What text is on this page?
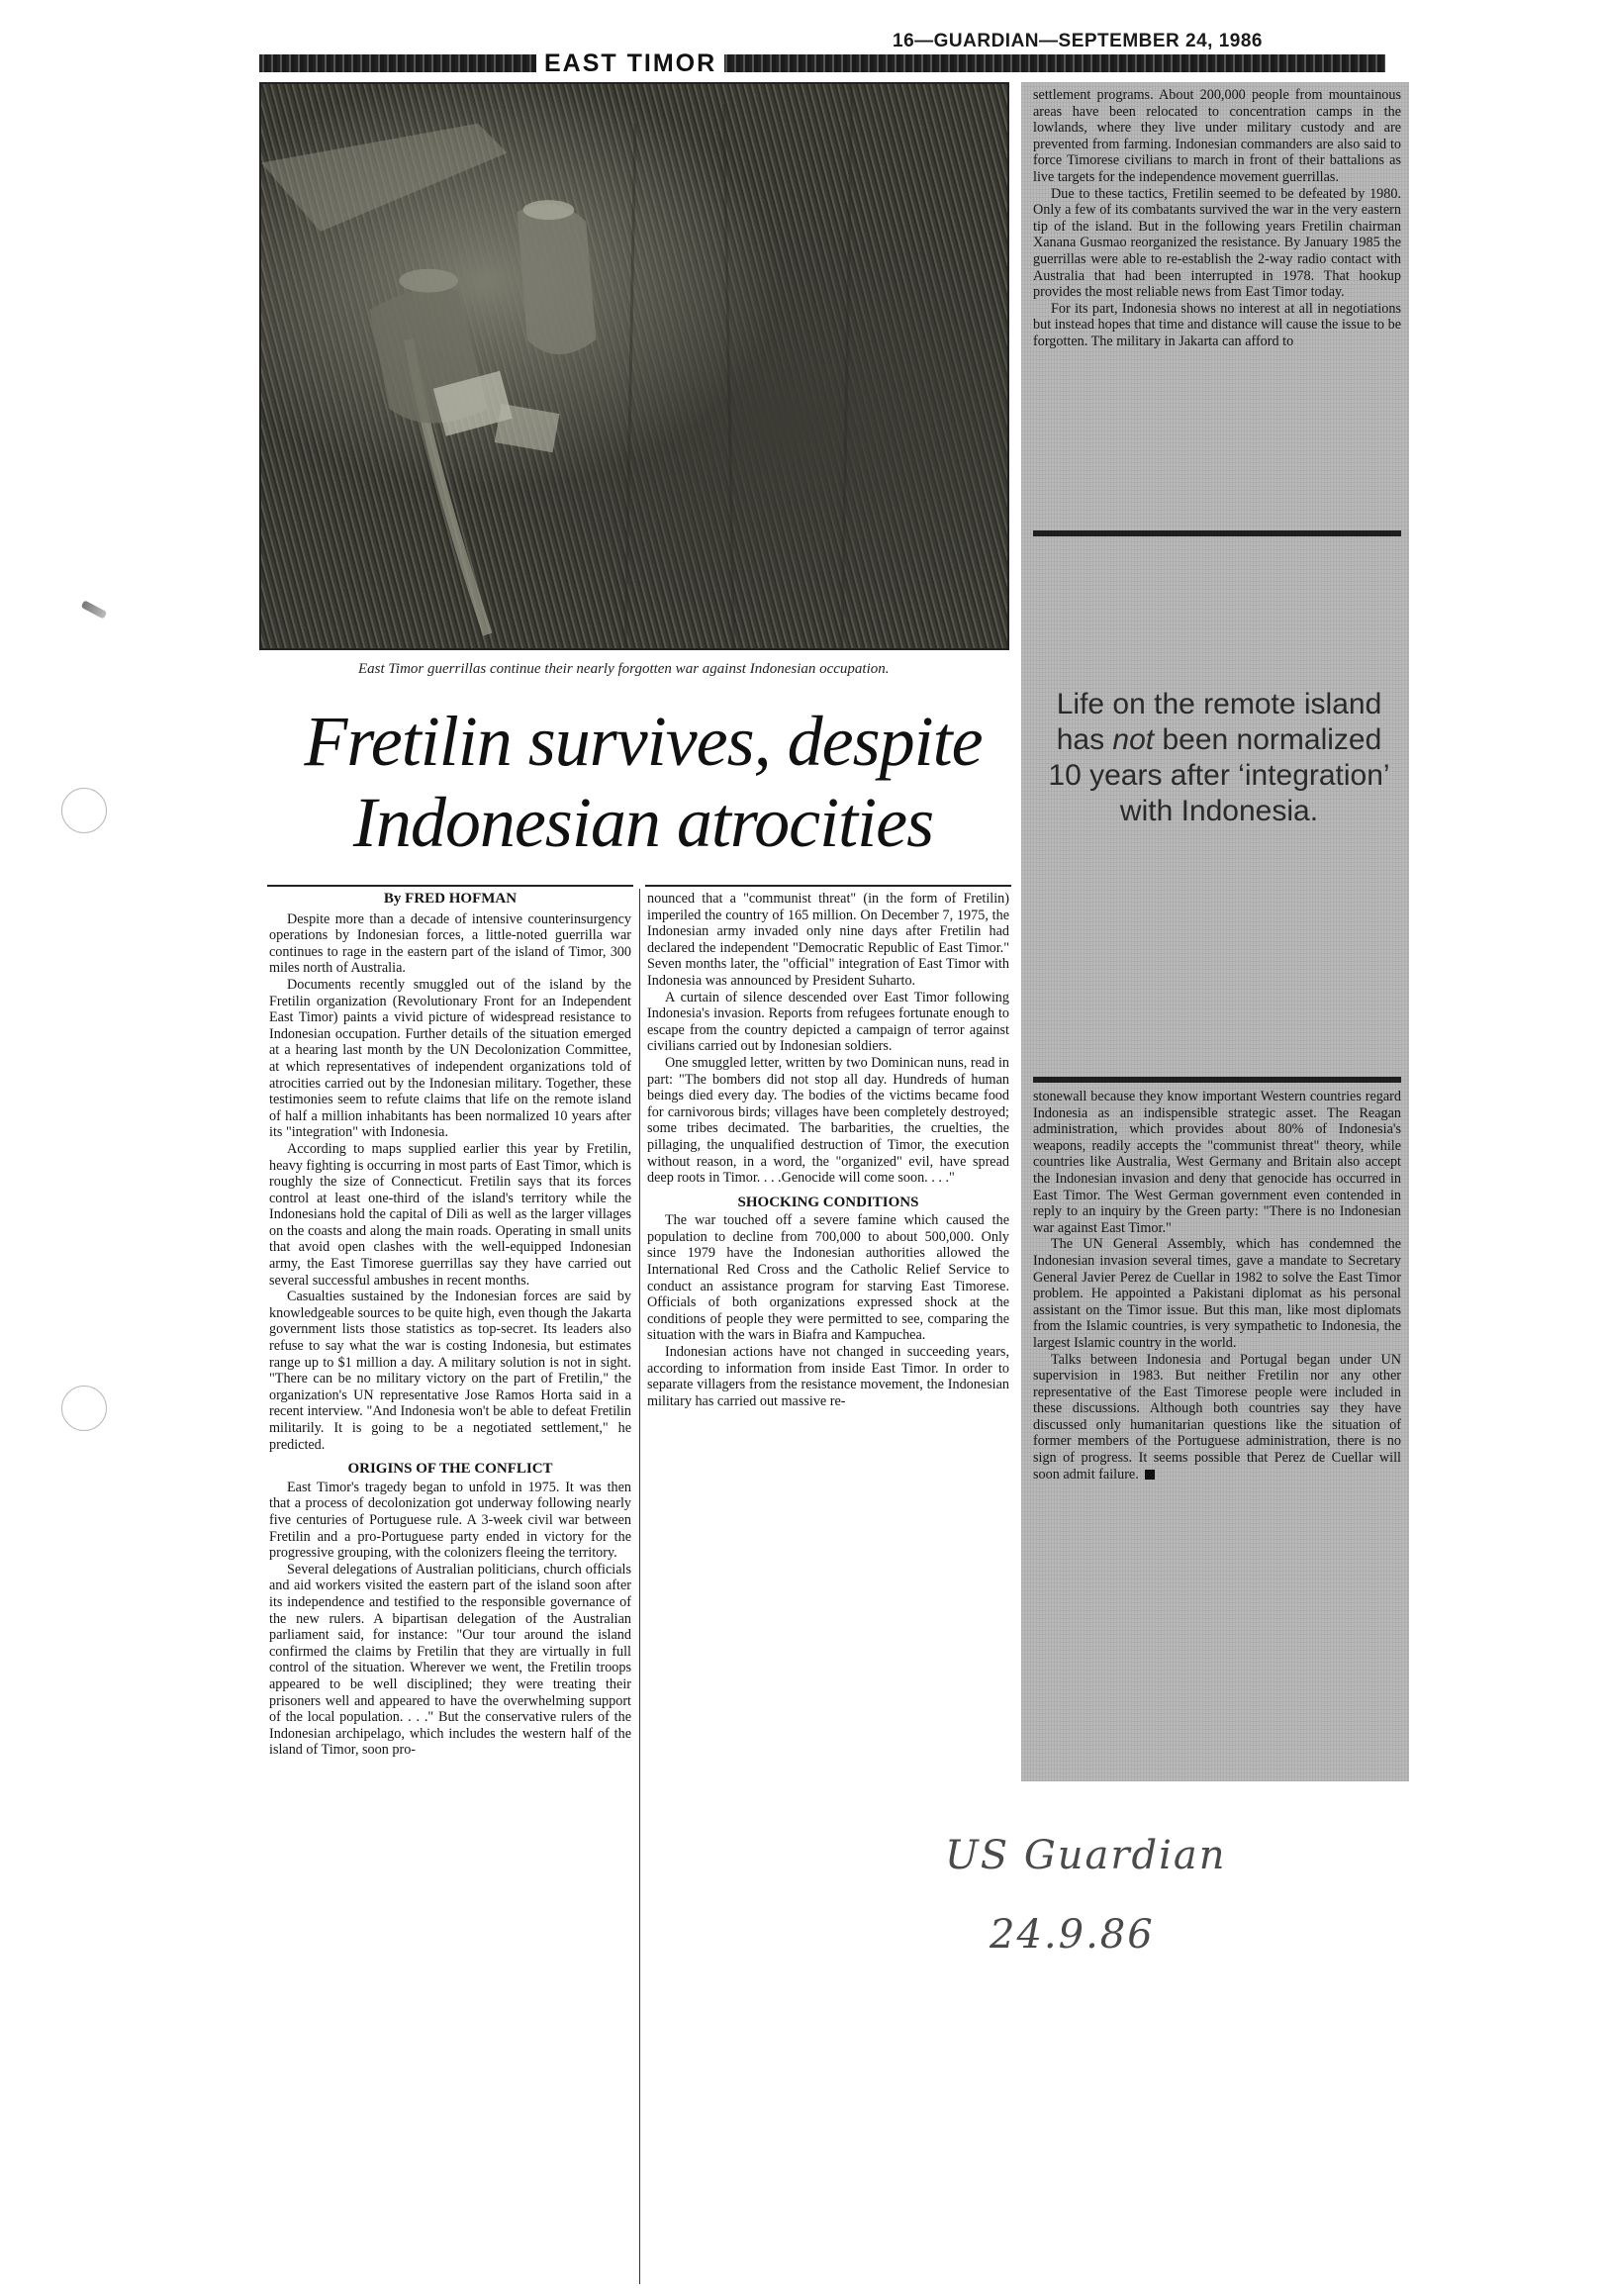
16—GUARDIAN—SEPTEMBER 24, 1986
EAST TIMOR
East Timor guerrillas continue their nearly forgotten war against Indonesian occupation.
Fretilin survives, despite
Indonesian atrocities

By FRED HOFMAN

Despite more than a decade of intensive counterinsurgency operations by Indonesian forces, a little-noted guerrilla war continues to rage in the eastern part of the island of Timor, 300 miles north of Australia.

Documents recently smuggled out of the island by the Fretilin organization (Revolutionary Front for an Independent East Timor) paints a vivid picture of widespread resistance to Indonesian occupation. Further details of the situation emerged at a hearing last month by the UN Decolonization Committee, at which representatives of independent organizations told of atrocities carried out by the Indonesian military. Together, these testimonies seem to refute claims that life on the remote island of half a million inhabitants has been normalized 10 years after its "integration" with Indonesia.

According to maps supplied earlier this year by Fretilin, heavy fighting is occurring in most parts of East Timor, which is roughly the size of Connecticut. Fretilin says that its forces control at least one-third of the island's territory while the Indonesians hold the capital of Dili as well as the larger villages on the coasts and along the main roads. Operating in small units that avoid open clashes with the well-equipped Indonesian army, the East Timorese guerrillas say they have carried out several successful ambushes in recent months.

Casualties sustained by the Indonesian forces are said by knowledgeable sources to be quite high, even though the Jakarta government lists those statistics as top-secret. Its leaders also refuse to say what the war is costing Indonesia, but estimates range up to $1 million a day. A military solution is not in sight. "There can be no military victory on the part of Fretilin," the organization's UN representative Jose Ramos Horta said in a recent interview. "And Indonesia won't be able to defeat Fretilin militarily. It is going to be a negotiated settlement," he predicted.

ORIGINS OF THE CONFLICT

East Timor's tragedy began to unfold in 1975. It was then that a process of decolonization got underway following nearly five centuries of Portuguese rule. A 3-week civil war between Fretilin and a pro-Portuguese party ended in victory for the progressive grouping, with the colonizers fleeing the territory.

Several delegations of Australian politicians, church officials and aid workers visited the eastern part of the island soon after its independence and testified to the responsible governance of the new rulers. A bipartisan delegation of the Australian parliament said, for instance: "Our tour around the island confirmed the claims by Fretilin that they are virtually in full control of the situation. Wherever we went, the Fretilin troops appeared to be well disciplined; they were treating their prisoners well and appeared to have the overwhelming support of the local population. . . ." But the conservative rulers of the Indonesian archipelago, which includes the western half of the island of Timor, soon pro-

nounced that a "communist threat" (in the form of Fretilin) imperiled the country of 165 million. On December 7, 1975, the Indonesian army invaded only nine days after Fretilin had declared the independent "Democratic Republic of East Timor." Seven months later, the "official" integration of East Timor with Indonesia was announced by President Suharto.

A curtain of silence descended over East Timor following Indonesia's invasion. Reports from refugees fortunate enough to escape from the country depicted a campaign of terror against civilians carried out by Indonesian soldiers.

One smuggled letter, written by two Dominican nuns, read in part: "The bombers did not stop all day. Hundreds of human beings died every day. The bodies of the victims became food for carnivorous birds; villages have been completely destroyed; some tribes decimated. The barbarities, the cruelties, the pillaging, the unqualified destruction of Timor, the execution without reason, in a word, the "organized" evil, have spread deep roots in Timor. . . .Genocide will come soon. . . ."

SHOCKING CONDITIONS

The war touched off a severe famine which caused the population to decline from 700,000 to about 500,000. Only since 1979 have the Indonesian authorities allowed the International Red Cross and the Catholic Relief Service to conduct an assistance program for starving East Timorese. Officials of both organizations expressed shock at the conditions of people they were permitted to see, comparing the situation with the wars in Biafra and Kampuchea.

Indonesian actions have not changed in succeeding years, according to information from inside East Timor. In order to separate villagers from the resistance movement, the Indonesian military has carried out massive re-

settlement programs. About 200,000 people from mountainous areas have been relocated to concentration camps in the lowlands, where they live under military custody and are prevented from farming. Indonesian commanders are also said to force Timorese civilians to march in front of their battalions as live targets for the independence movement guerrillas.

Due to these tactics, Fretilin seemed to be defeated by 1980. Only a few of its combatants survived the war in the very eastern tip of the island. But in the following years Fretilin chairman Xanana Gusmao reorganized the resistance. By January 1985 the guerrillas were able to re-establish the 2-way radio contact with Australia that had been interrupted in 1978. That hookup provides the most reliable news from East Timor today.

For its part, Indonesia shows no interest at all in negotiations but instead hopes that time and distance will cause the issue to be forgotten. The military in Jakarta can afford to

Life on the remote island has not been normalized 10 years after ‘integration’ with Indonesia.

stonewall because they know important Western countries regard Indonesia as an indispensible strategic asset. The Reagan administration, which provides about 80% of Indonesia's weapons, readily accepts the "communist threat" theory, while countries like Australia, West Germany and Britain also accept the Indonesian invasion and deny that genocide has occurred in East Timor. The West German government even contended in reply to an inquiry by the Green party: "There is no Indonesian war against East Timor."

The UN General Assembly, which has condemned the Indonesian invasion several times, gave a mandate to Secretary General Javier Perez de Cuellar in 1982 to solve the East Timor problem. He appointed a Pakistani diplomat as his personal assistant on the Timor issue. But this man, like most diplomats from the Islamic countries, is very sympathetic to Indonesia, the largest Islamic country in the world.

Talks between Indonesia and Portugal began under UN supervision in 1983. But neither Fretilin nor any other representative of the East Timorese people were included in these discussions. Although both countries say they have discussed only humanitarian questions like the situation of former members of the Portuguese administration, there is no sign of progress. It seems possible that Perez de Cuellar will soon admit failure.

US Guardian
24.9.86
